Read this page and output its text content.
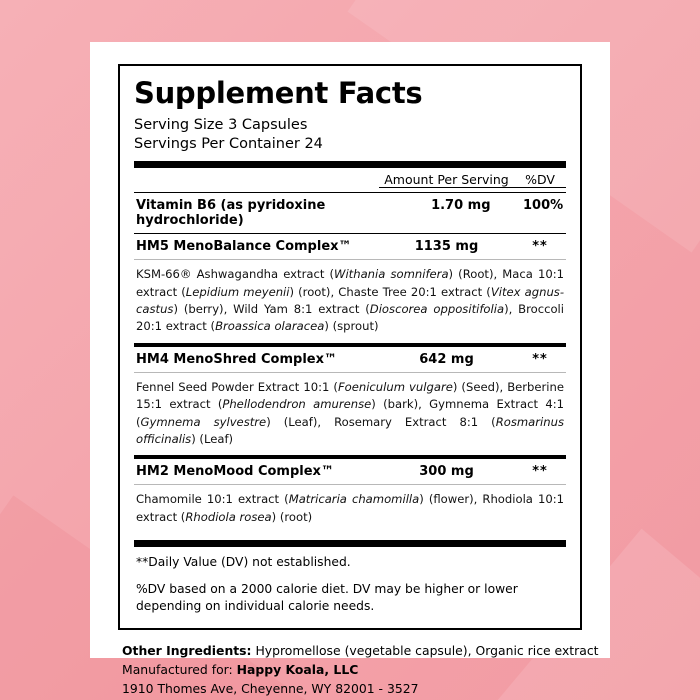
Supplement Facts
Serving Size 3 Capsules
Servings Per Container 24
Amount Per Serving	%DV
Vitamin B6 (as pyridoxine hydrochloride)
1.70 mg	100%
HM5 MenoBalance Complex™	1135 mg	**
KSM-66® Ashwagandha extract (Withania somnifera) (Root), Maca 10:1 extract (Lepidium meyenii) (root), Chaste Tree 20:1 extract (Vitex agnus-castus) (berry), Wild Yam 8:1 extract (Dioscorea oppositifolia), Broccoli 20:1 extract (Broassica olaracea) (sprout)
HM4 MenoShred Complex™	642 mg	**
Fennel Seed Powder Extract 10:1 (Foeniculum vulgare) (Seed), Berberine 15:1 extract (Phellodendron amurense) (bark), Gymnema Extract 4:1 (Gymnema sylvestre) (Leaf), Rosemary Extract 8:1 (Rosmarinus officinalis) (Leaf)
HM2 MenoMood Complex™	300 mg	**
Chamomile 10:1 extract (Matricaria chamomilla) (flower), Rhodiola 10:1 extract (Rhodiola rosea) (root)
**Daily Value (DV) not established.
%DV based on a 2000 calorie diet. DV may be higher or lower depending on individual calorie needs.
Other Ingredients: Hypromellose (vegetable capsule), Organic rice extract
Manufactured for: Happy Koala, LLC
1910 Thomes Ave, Cheyenne, WY 82001 - 3527
